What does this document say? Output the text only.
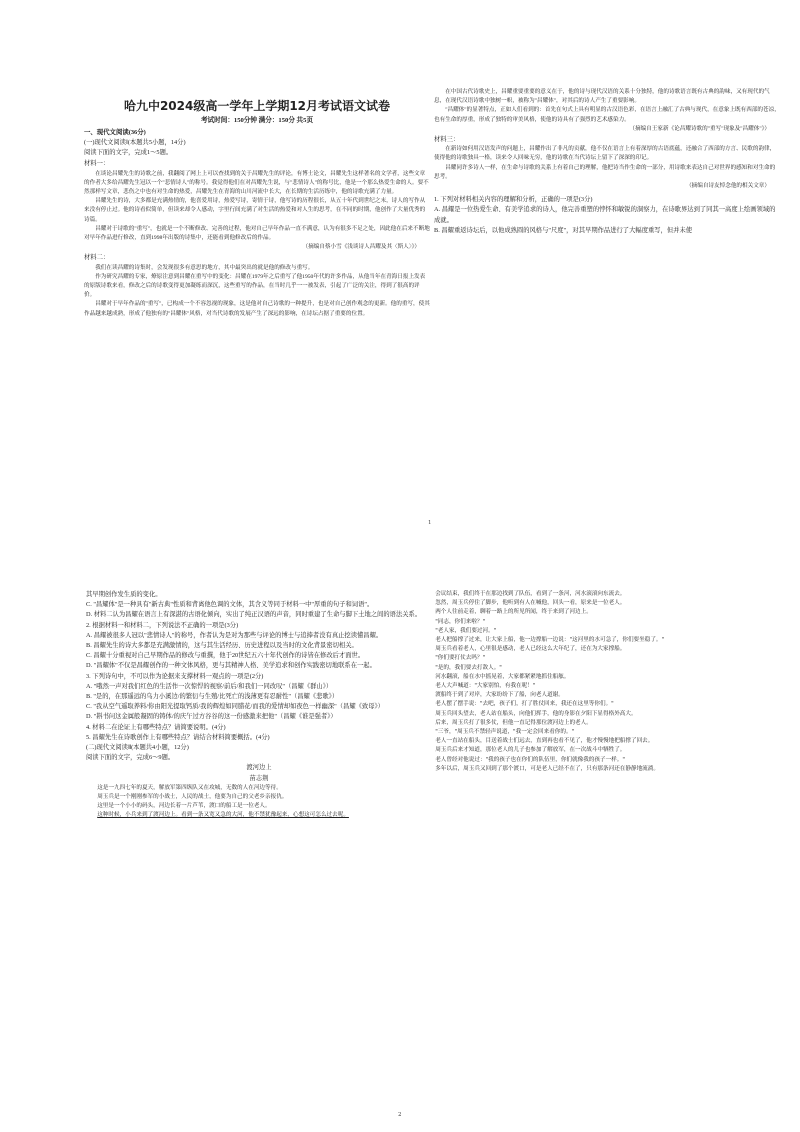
哈九中2024级高一学年上学期12月考试语文试卷
考试时间：150分钟 满分：150分 共5页

一、现代文阅读(36分)

(一)现代文阅读Ⅰ(本题共5小题，14分)

阅读下面的文字，完成1～5题。

材料一：

在谈论昌耀先生的诗歌之前，我翻阅了网上上可以查找到的关于昌耀先生的评论，有博士论文，昌耀先生这样著名的文学者，这些文章的作者大多给昌耀先生冠以一个"悲情诗人"的称号。我觉得他们在对昌耀先生说，与"悲情诗人"的称号比，他是一个那么热爱生命的人。要不然那样写文章，悲伤之中也有对生命的热爱，昌耀先生在青海的山川河流中长大，在长期的生活历练中，他的诗歌充满了力量。

昌耀先生的诗，大多都是充满热情的，他喜爱用诗，热爱写诗，寄情于诗，他写诗的历程很长，从五十年代到世纪之末，诗人的写作从来没有停止过。他的诗看似简单，但读来却令人感动，字里行间充满了对生活的热爱和对人生的思考，在不同的时期，他创作了大量优秀的诗篇。

昌耀对于诗歌的"重写"，也就是一个不断修改、完善的过程，他对自己早年作品一直不满意，认为有很多不足之处，因此他在后来不断地对早年作品进行修改，直到1998年出版的诗集中，还能看到他修改后的作品。

（摘编自蔡小雪《浅谈诗人昌耀及其〈斯人〉》）

材料二：

我们在读昌耀的诗集时，会发现很多有意思的地方，其中最突出的就是他的修改与重写。

作为研究昌耀的专家，燎原注意到昌耀在重写中的变化：昌耀在1979年之后重写了他1950年代的许多作品，从他当年在青海日报上发表的原版诗歌来看，修改之后的诗歌变得更加凝练而深沉，这些重写的作品，在当时几乎一一被发表，引起了广泛的关注，得到了很高的评价。

昌耀对于早年作品的"重写"，已构成一个不容忽视的现象，这是他对自己诗歌的一种提升，也是对自己创作观念的更新。他的重写，使其作品越来越成熟，形成了他独有的"昌耀体"风格，对当代诗歌的发展产生了深远的影响，在诗坛占据了重要的位置。

在中国古代诗歌史上，昌耀重要重要的意义在于，他的诗与现代汉语的关系十分独特，他的诗歌语言既有古典的韵味，又有现代的气息，在现代汉语诗歌中独树一帜，被称为"昌耀体"，对其后的诗人产生了重要影响。

"昌耀体"的显著特点，正如人们看到的：首先在句式上具有明显的古汉语色彩，在语言上融汇了古典与现代，在意象上既有西部的苍凉，也有生命的厚重，形成了独特的审美风格，使他的诗具有了强烈的艺术感染力。

（摘编自王家新《论昌耀诗歌的"重写"现象及"昌耀体"》）

材料三：

在新诗如何用汉语发声的问题上，昌耀作出了非凡的贡献，他不仅在语言上有着深厚的古语底蕴，还融合了西部的方言、民歌的韵律，使得他的诗歌独具一格，读来令人回味无穷，他的诗歌在当代诗坛上留下了深深的印记。

昌耀同许多诗人一样，在生命与诗歌的关系上有着自己的理解，他把诗当作生命的一部分，用诗歌来表达自己对世界的感知和对生命的思考。

（摘编自诗友悼念他的相关文章）

1. 下列对材料相关内容的理解和分析，正确的一项是(3分)

A. 昌耀是一位热爱生命、有美学追求的诗人，他完善重塑的悖怀和敏锐的洞察力，在诗歌界达到了同其一高度上绘画领域的成就。

B. 昌耀重返诗坛后，以他成熟圆的风格与"尺度"，对其早期作品进行了大幅度重写，但并未使

1

其早期创作发生质的变化。

C. "昌耀体"是一种具有"新古典"性质和背离他色调的文体，其含义等同于材料一中"厚重的句子和词语"。

D. 材料二认为昌耀在语言上有深湛的古语化倾向，实出了纯正汉语的声音，同时重建了生命与脚下土地之间的语法关系。

2. 根据材料一和材料二，下列说法不正确的一项是(3分)

A. 昌耀被很多人冠以"悲情诗人"的称号，作者认为是对为那些与评论的博士与追捧者没有真止挖读懂昌耀。

B. 昌耀先生的诗大多都是充满激情的，这与其生活经历、历史进程以及当时的文化背景密切相关。

C. 昌耀十分重视对自己早期作品的修改与重撰，他于20世纪五六十年代创作的诗皆在修改后才面世。

D. "昌耀体"不仅是昌耀创作的一种文体风格，更与其精神人格、美学追求和创作实践密切地联系在一起。

3. 下列诗句中，不可以作为论据来支撑材料一观点的一项是(2分)

A. "哦然一声对我们红色的生活作一次惊悍的视察/前后/和我们一同改叹"（昌耀《群山》）

B. "是的，在那遥远的乌力小溪边/的繁衍与生殖/比死亡的浅薄更有忍耐性"（昌耀《悲歌》）

C. "我从空气遥取养料/你由阳光提取钙质/我的辉煌如同腊花/而我的爱情却如夜色一样幽深"（昌耀《致母》）

D. "斟书问这金属般凝固的铸体/的庆午过方谷谷的这一份感激来把他"（昌耀《谁是强者》）

4. 材料二在论证上有哪些特点？请简要说明。(4分)

5. 昌耀先生在诗歌创作上有哪些特点？请结合材料简要概括。(4分)

(二)现代文阅读Ⅱ(本题共4小题，12分)

阅读下面的文字，完成6～9题。

渡河边上

苗志荆

这是一九四七年的夏天，解放军第四纵队又在攻城，无数的人在河边等待。

周玉兵是一个刚刚参军的小战士，人民的战士，他要为自己的父老乡亲报仇。

这里是一个小小的码头，河边长着一片芦苇，渡口的船工是一位老人。

这种时候，小兵来到了渡河边上。看到一条又宽又急的大河，他不禁犹豫起来，心想这可怎么过去呢。

会议结束，我们终于在那边找到了队伍，看到了一条河，河水滚滚向东流去。

忽然，周玉兵停住了脚步，他听到有人在喊他，回头一看，原来是一位老人。

两个人往前走着，聊着一路上的所见所闻，终于来到了河边上。

"同志，你们来啦？"

"老人家，我们要过河。"

老人把船撑了过来，让大家上船，他一边撑船一边说："这河里的水可急了，你们要坐稳了。"

周玉兵看着老人，心里很是感动，老人已经这么大年纪了，还在为大家撑船。

"你们要打仗去吗？"

"是的，我们要去打敌人。"

河水翻滚，船在水中摇晃着，大家都紧紧地抓住船舷。

老人大声喊道："大家别怕，有我在呢！"

渡船终于到了对岸，大家纷纷下了船，向老人道谢。

老人摆了摆手说："去吧，孩子们，打了胜仗回来，我还在这里等你们。"

周玉兵回头望去，老人站在船头，向他们挥手，他的身影在夕阳下显得格外高大。

后来，周玉兵打了很多仗，但他一直记得那位渡河边上的老人。

"三爷，"周玉兵不禁轻声说道，"我一定会回来看你的。"

老人一直站在船头，目送着战士们远去，直到再也看不见了，他才慢慢地把船撑了回去。

周玉兵后来才知道，那位老人的儿子也参加了解放军，在一次战斗中牺牲了。

老人曾经对他说过："我的孩子也在你们的队伍里，你们就像我的孩子一样。"

多年以后，周玉兵又回到了那个渡口，可是老人已经不在了，只有那条河还在静静地流淌。

2
